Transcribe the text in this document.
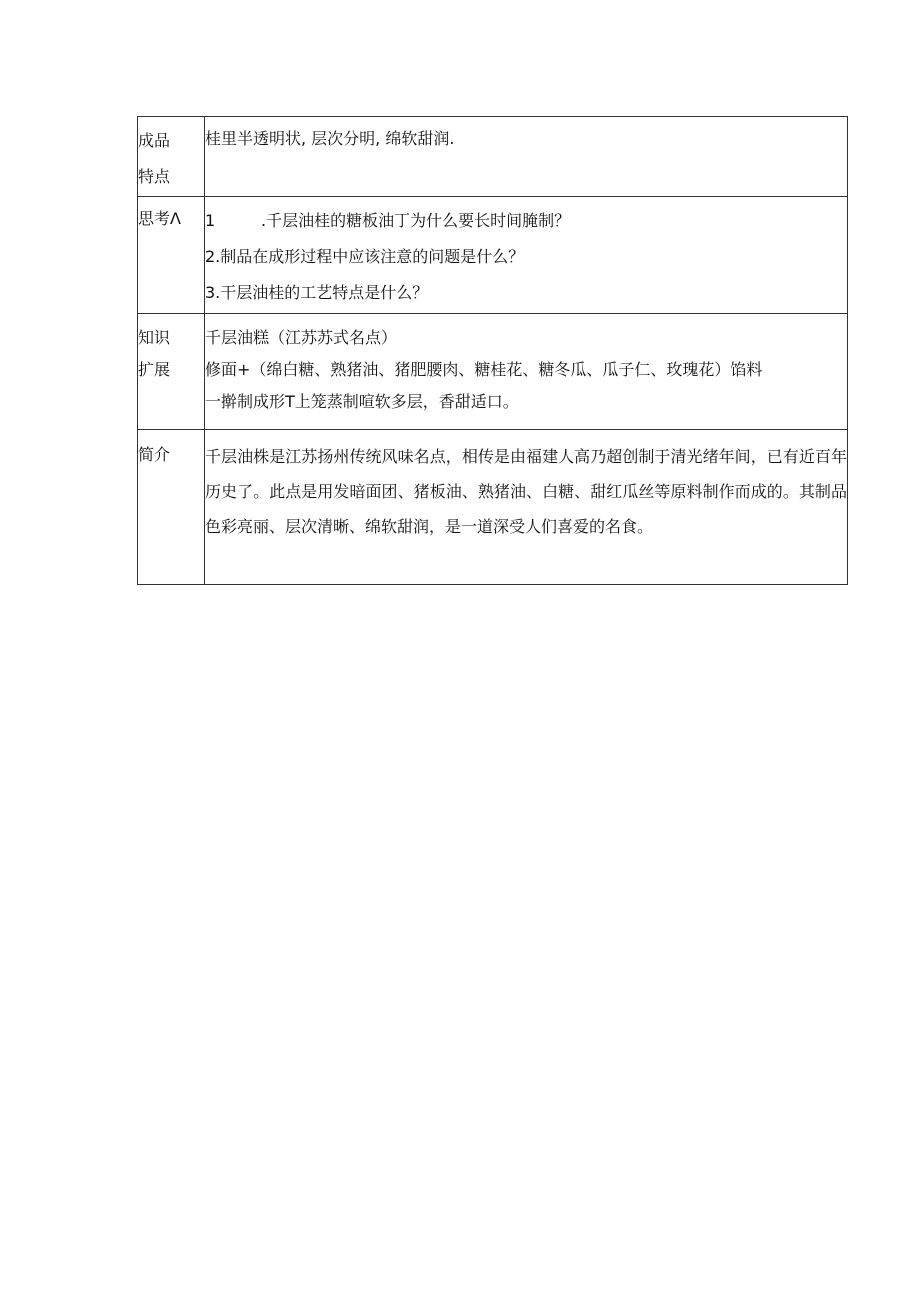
成品
特点	桂里半透明状, 层次分明, 绵软甜润.

思考Λ	1 .千层油桂的糖板油丁为什么要长时间腌制？
2.制品在成形过程中应该注意的问题是什么？
3.干层油桂的工艺特点是什么？

知识
扩展	千层油糕（江苏苏式名点）
修面+（绵白糖、熟猪油、猪肥腰肉、糖桂花、糖冬瓜、瓜子仁、玫瑰花）馅料
一擀制成形T上笼蒸制喧软多层，香甜适口。

简介	千层油株是江苏扬州传统风味名点，相传是由福建人高乃超创制于清光绪年间，已有近百年历史了。此点是用发暗面团、猪板油、熟猪油、白糖、甜红瓜丝等原料制作而成的。其制品色彩亮丽、层次清晰、绵软甜润，是一道深受人们喜爱的名食。
